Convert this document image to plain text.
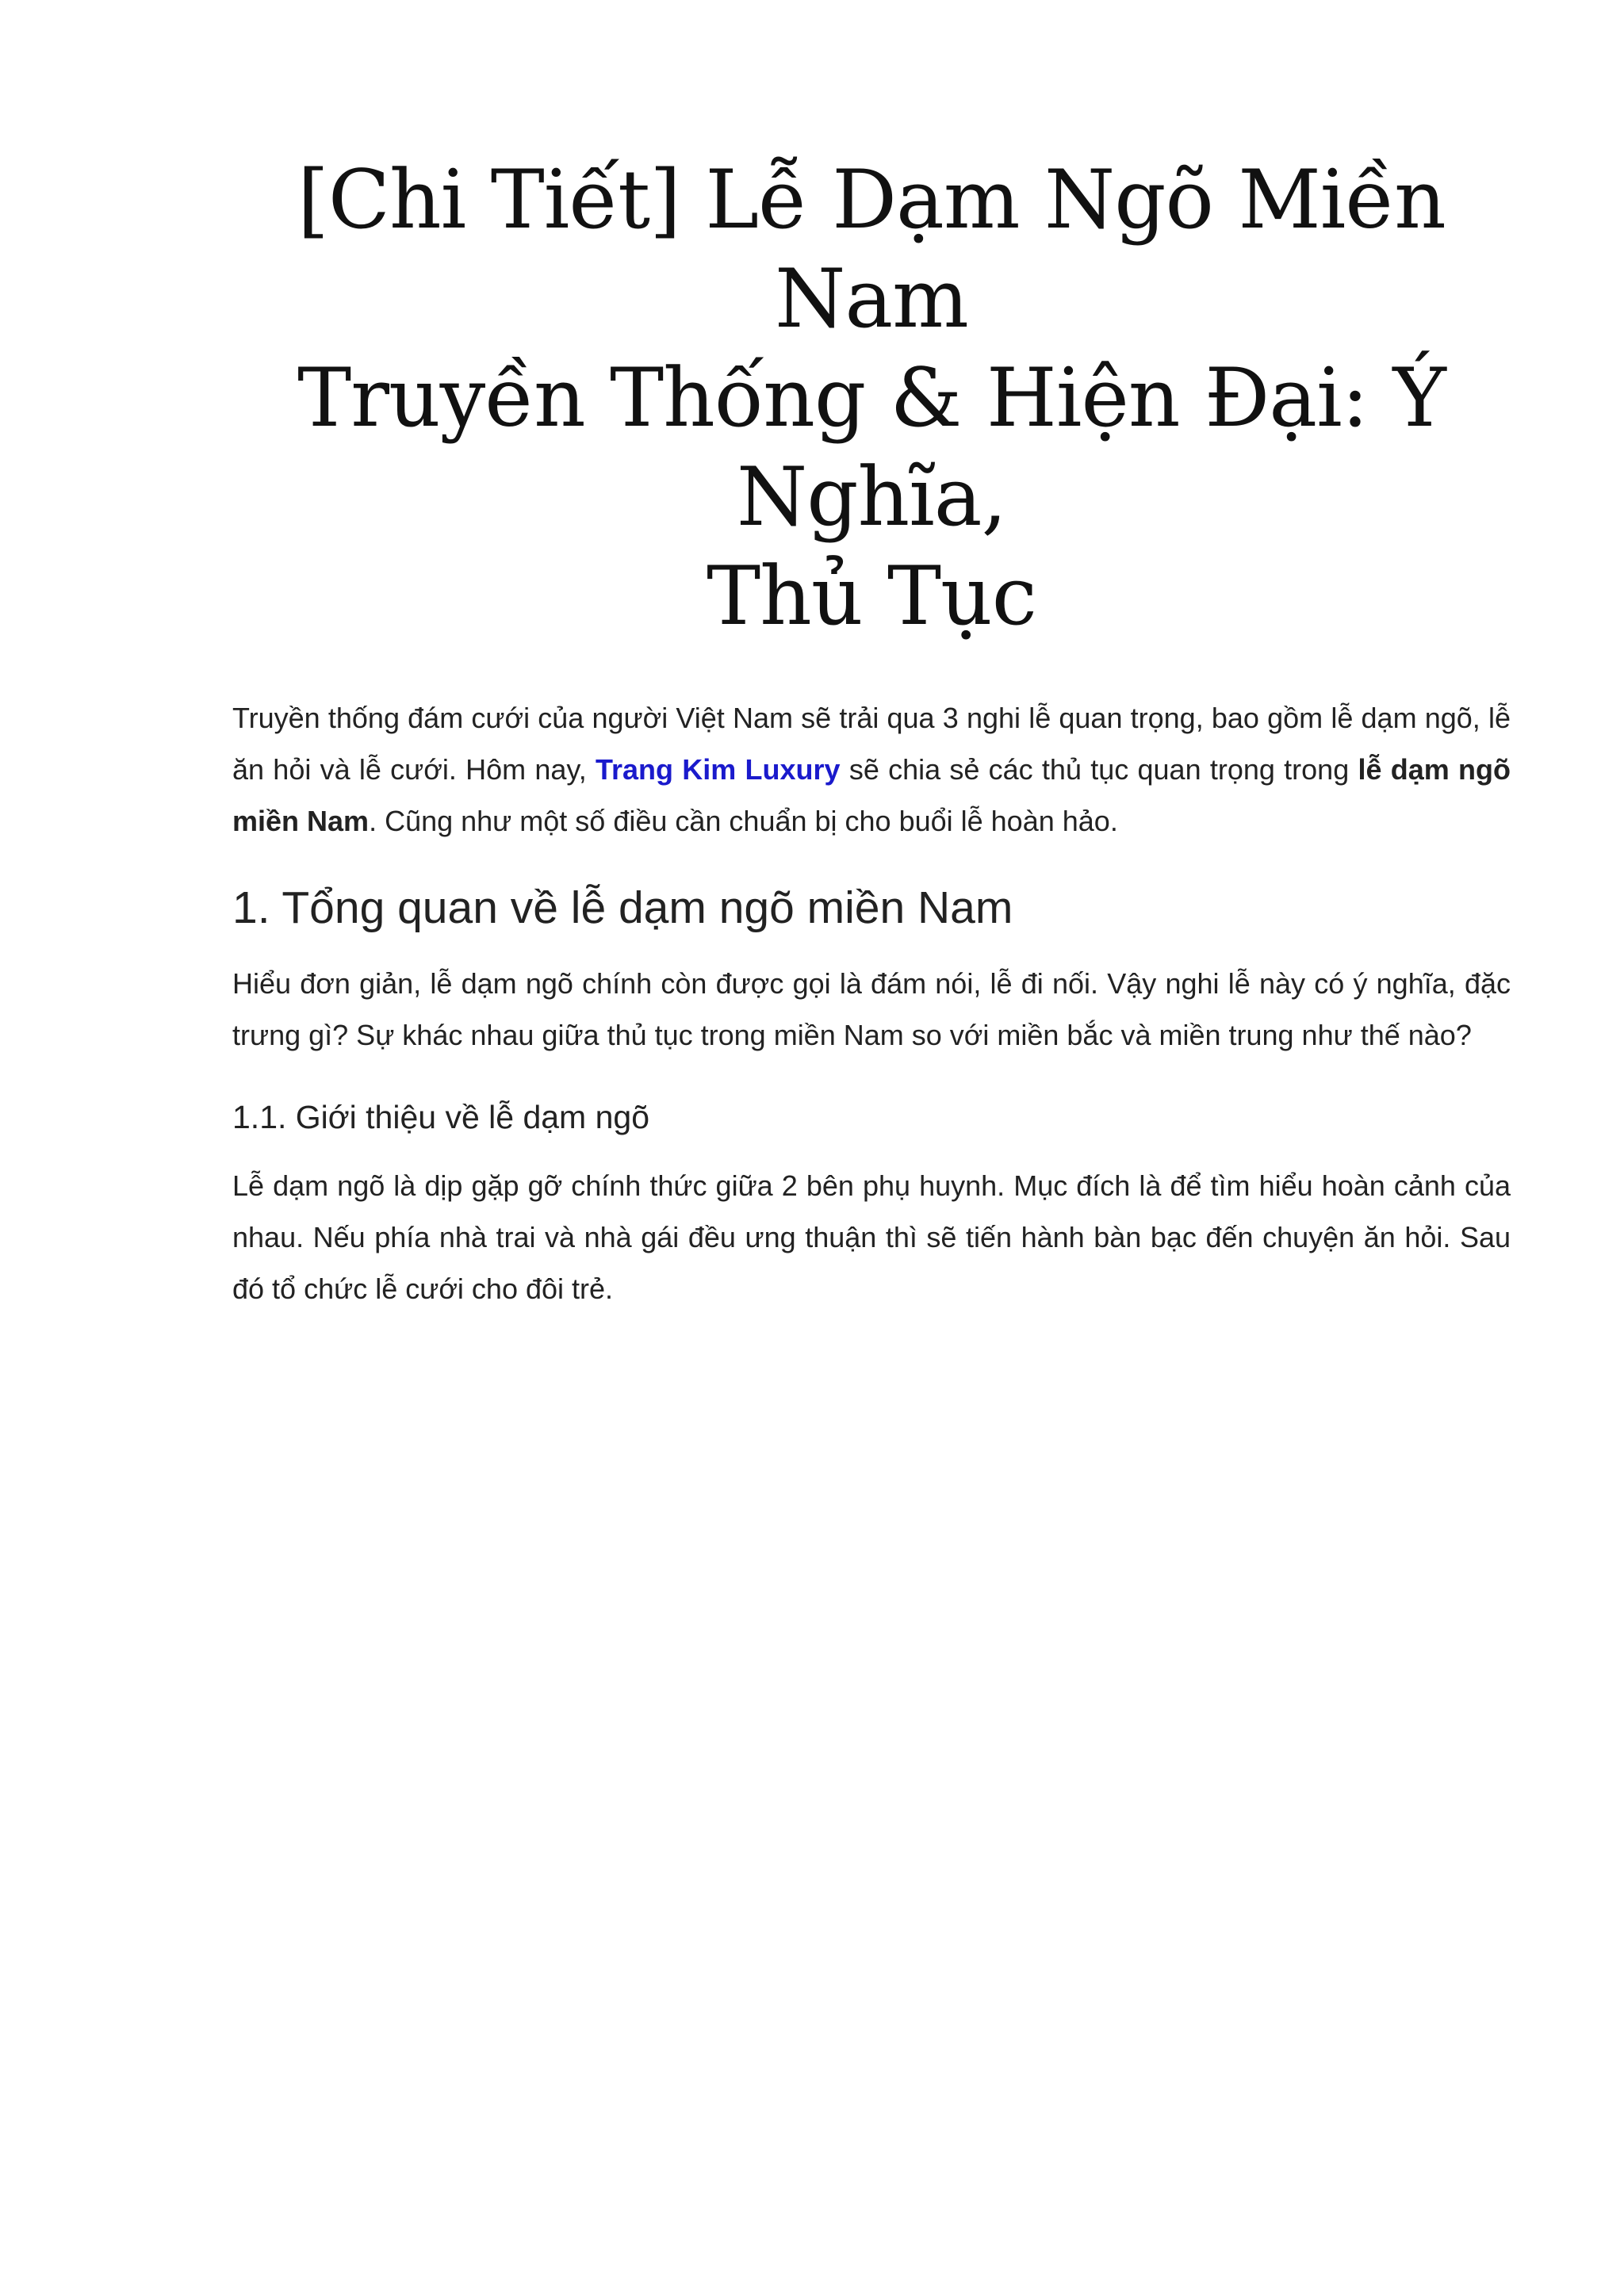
[Chi Tiết] Lễ Dạm Ngõ Miền Nam
Truyền Thống & Hiện Đại: Ý Nghĩa,
Thủ Tục

Truyền thống đám cưới của người Việt Nam sẽ trải qua 3 nghi lễ quan trọng, bao gồm lễ dạm ngõ, lễ ăn hỏi và lễ cưới. Hôm nay, Trang Kim Luxury sẽ chia sẻ các thủ tục quan trọng trong lễ dạm ngõ miền Nam. Cũng như một số điều cần chuẩn bị cho buổi lễ hoàn hảo.

1. Tổng quan về lễ dạm ngõ miền Nam

Hiểu đơn giản, lễ dạm ngõ chính còn được gọi là đám nói, lễ đi nối. Vậy nghi lễ này có ý nghĩa, đặc trưng gì? Sự khác nhau giữa thủ tục trong miền Nam so với miền bắc và miền trung như thế nào?

1.1. Giới thiệu về lễ dạm ngõ

Lễ dạm ngõ là dịp gặp gỡ chính thức giữa 2 bên phụ huynh. Mục đích là để tìm hiểu hoàn cảnh của nhau. Nếu phía nhà trai và nhà gái đều ưng thuận thì sẽ tiến hành bàn bạc đến chuyện ăn hỏi. Sau đó tổ chức lễ cưới cho đôi trẻ.
